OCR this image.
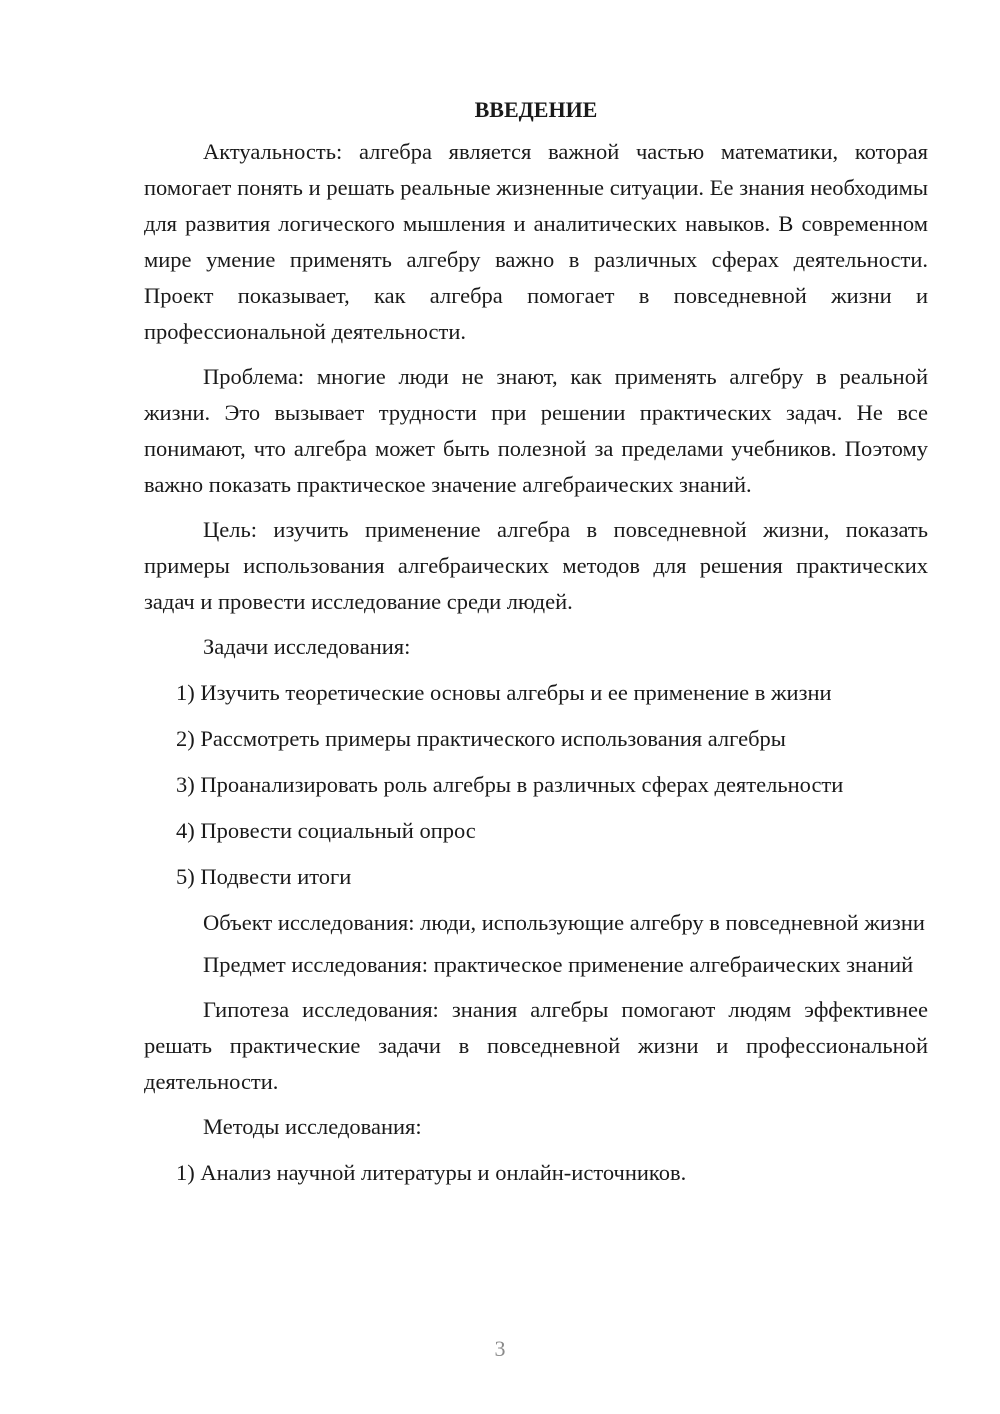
ВВЕДЕНИЕ

Актуальность: алгебра является важной частью математики, которая помогает понять и решать реальные жизненные ситуации. Ее знания необходимы для развития логического мышления и аналитических навыков. В современном мире умение применять алгебру важно в различных сферах деятельности. Проект показывает, как алгебра помогает в повседневной жизни и профессиональной деятельности.

Проблема: многие люди не знают, как применять алгебру в реальной жизни. Это вызывает трудности при решении практических задач. Не все понимают, что алгебра может быть полезной за пределами учебников. Поэтому важно показать практическое значение алгебраических знаний.

Цель: изучить применение алгебра в повседневной жизни, показать примеры использования алгебраических методов для решения практических задач и провести исследование среди людей.

Задачи исследования:
1) Изучить теоретические основы алгебры и ее применение в жизни
2) Рассмотреть примеры практического использования алгебры
3) Проанализировать роль алгебры в различных сферах деятельности
4) Провести социальный опрос
5) Подвести итоги

Объект исследования: люди, использующие алгебру в повседневной жизни

Предмет исследования: практическое применение алгебраических знаний

Гипотеза исследования: знания алгебры помогают людям эффективнее решать практические задачи в повседневной жизни и профессиональной деятельности.

Методы исследования:
1) Анализ научной литературы и онлайн-источников.
3
